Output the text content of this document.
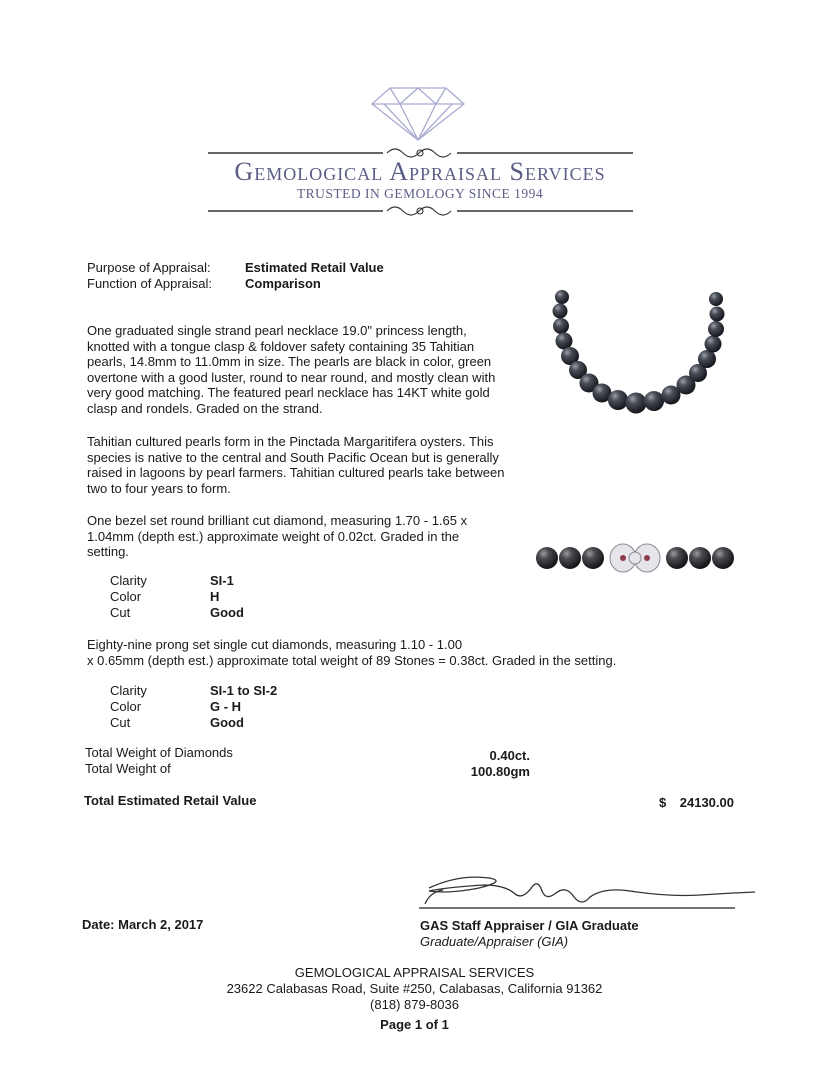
Gemological Appraisal Services
TRUSTED IN GEMOLOGY SINCE 1994
Purpose of Appraisal:	Estimated Retail Value
Function of Appraisal:	Comparison
One graduated single strand pearl necklace 19.0" princess length, knotted with a tongue clasp & foldover safety containing 35 Tahitian pearls, 14.8mm to 11.0mm in size. The pearls are black in color, green overtone with a good luster, round to near round, and mostly clean with very good matching. The featured pearl necklace has 14KT white gold clasp and rondels. Graded on the strand.
Tahitian cultured pearls form in the Pinctada Margaritifera oysters. This species is native to the central and South Pacific Ocean but is generally raised in lagoons by pearl farmers. Tahitian cultured pearls take between two to four years to form.
One bezel set round brilliant cut diamond, measuring 1.70 - 1.65 x 1.04mm (depth est.) approximate weight of 0.02ct. Graded in the setting.
Clarity	SI-1
Color	H
Cut	Good
Eighty-nine prong set single cut diamonds, measuring 1.10 - 1.00
x 0.65mm (depth est.) approximate total weight of 89 Stones = 0.38ct. Graded in the setting.
Clarity	SI-1 to SI-2
Color	G - H
Cut	Good
Total Weight of Diamonds	0.40ct.
Total Weight of	100.80gm
Total Estimated Retail Value	$	24130.00
Date: March 2, 2017	GAS Staff Appraiser / GIA Graduate
Graduate/Appraiser (GIA)
GEMOLOGICAL APPRAISAL SERVICES
23622 Calabasas Road, Suite #250, Calabasas, California 91362
(818) 879-8036
Page 1 of 1
